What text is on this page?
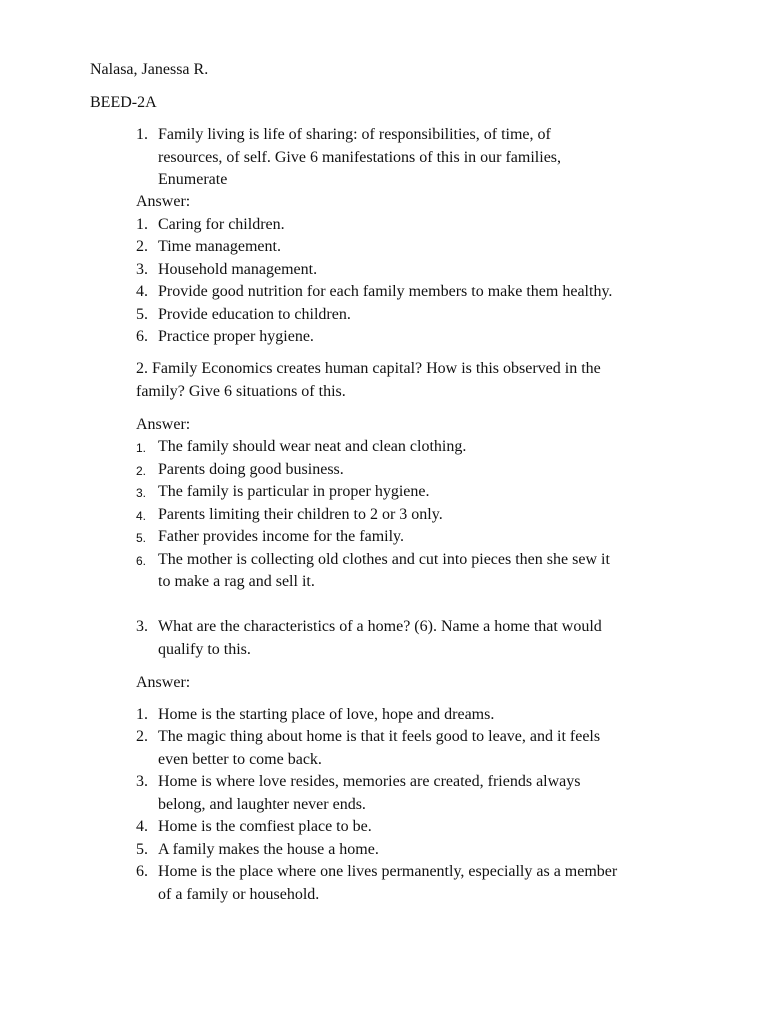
Nalasa, Janessa R.
BEED-2A
1. Family living is life of sharing: of responsibilities, of time, of
resources, of self. Give 6 manifestations of this in our families,
Enumerate
Answer:
1. Caring for children.
2. Time management.
3. Household management.
4. Provide good nutrition for each family members to make them healthy.
5. Provide education to children.
6. Practice proper hygiene.
2. Family Economics creates human capital? How is this observed in the
family? Give 6 situations of this.
Answer:
1. The family should wear neat and clean clothing.
2. Parents doing good business.
3. The family is particular in proper hygiene.
4. Parents limiting their children to 2 or 3 only.
5. Father provides income for the family.
6. The mother is collecting old clothes and cut into pieces then she sew it
to make a rag and sell it.
3. What are the characteristics of a home? (6). Name a home that would
qualify to this.
Answer:
1. Home is the starting place of love, hope and dreams.
2. The magic thing about home is that it feels good to leave, and it feels
even better to come back.
3. Home is where love resides, memories are created, friends always
belong, and laughter never ends.
4. Home is the comfiest place to be.
5. A family makes the house a home.
6. Home is the place where one lives permanently, especially as a member
of a family or household.
